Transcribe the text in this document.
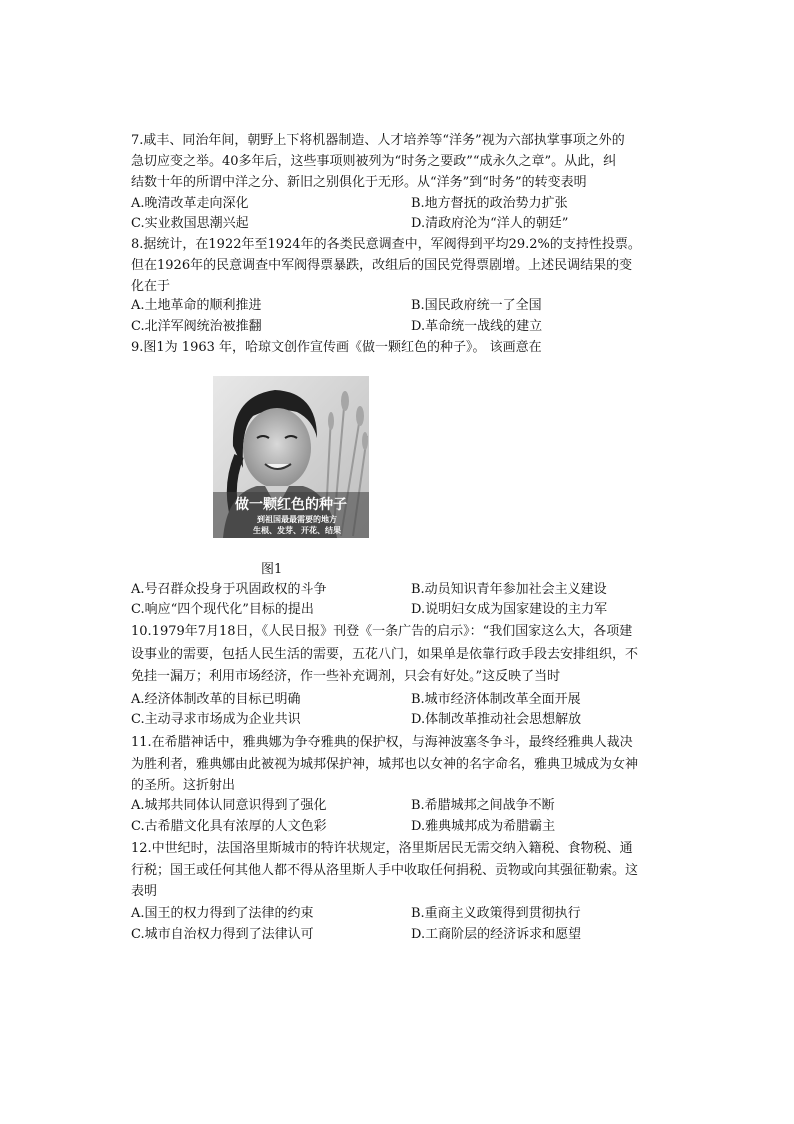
7.咸丰、同治年间，朝野上下将机器制造、人才培养等“洋务”视为六部执掌事项之外的
急切应变之举。40多年后，这些事项则被列为“时务之要政”“成永久之章”。从此，纠
结数十年的所谓中洋之分、新旧之别俱化于无形。从“洋务”到“时务”的转变表明
A.晚清改革走向深化	B.地方督抚的政治势力扩张
C.实业救国思潮兴起	D.清政府沦为“洋人的朝廷”
8.据统计，在1922年至1924年的各类民意调查中，军阀得到平均29.2%的支持性投票。
但在1926年的民意调查中军阀得票暴跌，改组后的国民党得票剧增。上述民调结果的变
化在于
A.土地革命的顺利推进	B.国民政府统一了全国
C.北洋军阀统治被推翻	D.革命统一战线的建立
9.图1为 1963 年，哈琼文创作宣传画《做一颗红色的种子》。 该画意在
做一颗红色的种子
到祖国最最需要的地方
生根、发芽、开花、结果
图1
A.号召群众投身于巩固政权的斗争	B.动员知识青年参加社会主义建设
C.响应“四个现代化”目标的提出	D.说明妇女成为国家建设的主力军
10.1979年7月18日，《人民日报》刊登《一条广告的启示》：“我们国家这么大，各项建
设事业的需要，包括人民生活的需要，五花八门，如果单是依靠行政手段去安排组织，不
免挂一漏万；利用市场经济，作一些补充调剂，只会有好处。”这反映了当时
A.经济体制改革的目标已明确	B.城市经济体制改革全面开展
C.主动寻求市场成为企业共识	D.体制改革推动社会思想解放
11.在希腊神话中，雅典娜为争夺雅典的保护权，与海神波塞冬争斗，最终经雅典人裁决
为胜利者，雅典娜由此被视为城邦保护神，城邦也以女神的名字命名，雅典卫城成为女神
的圣所。这折射出
A.城邦共同体认同意识得到了强化	B.希腊城邦之间战争不断
C.古希腊文化具有浓厚的人文色彩	D.雅典城邦成为希腊霸主
12.中世纪时，法国洛里斯城市的特许状规定，洛里斯居民无需交纳入籍税、食物税、通
行税；国王或任何其他人都不得从洛里斯人手中收取任何捐税、贡物或向其强征勒索。这
表明
A.国王的权力得到了法律的约束	B.重商主义政策得到贯彻执行
C.城市自治权力得到了法律认可	D.工商阶层的经济诉求和愿望
